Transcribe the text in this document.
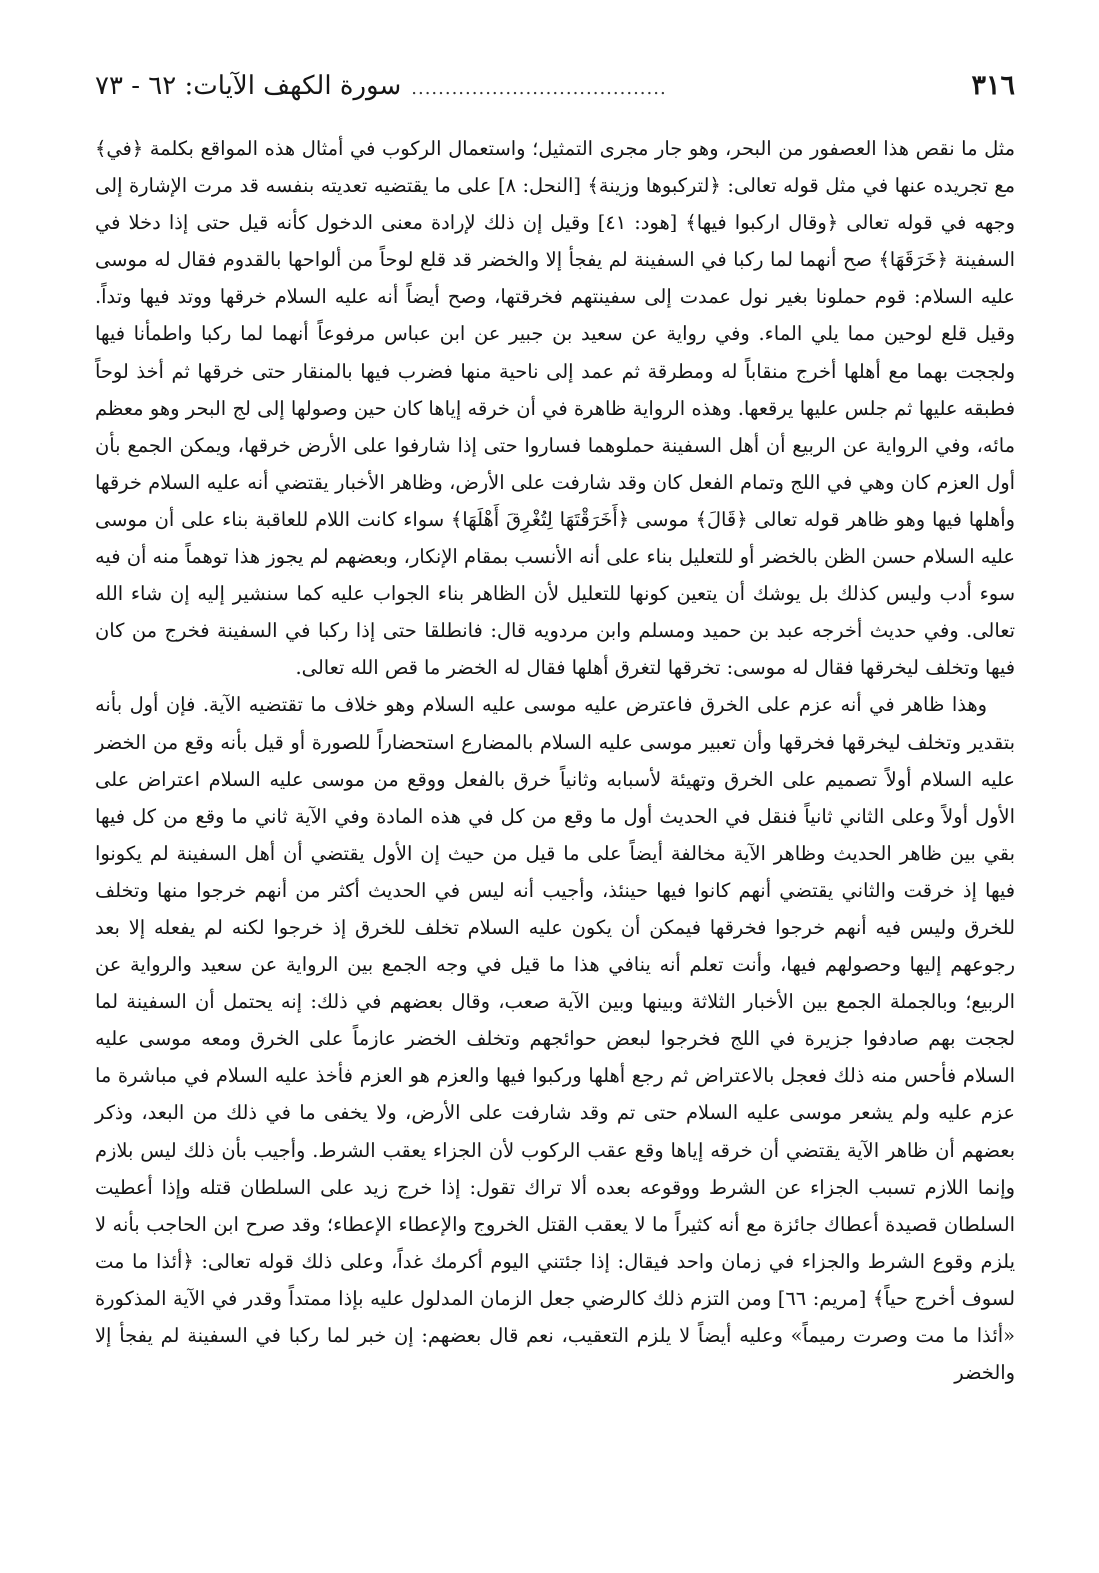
٣١٦
......................................
سورة الكهف الآيات: ٦٢ - ٧٣

مثل ما نقص هذا العصفور من البحر، وهو جار مجرى التمثيل؛ واستعمال الركوب في أمثال هذه المواقع بكلمة ﴿في﴾ مع تجريده عنها في مثل قوله تعالى: ﴿لتركبوها وزينة﴾ [النحل: ٨] على ما يقتضيه تعديته بنفسه قد مرت الإشارة إلى وجهه في قوله تعالى ﴿وقال اركبوا فيها﴾ [هود: ٤١] وقيل إن ذلك لإرادة معنى الدخول كأنه قيل حتى إذا دخلا في السفينة ﴿خَرَقَهَا﴾ صح أنهما لما ركبا في السفينة لم يفجأ إلا والخضر قد قلع لوحاً من ألواحها بالقدوم فقال له موسى عليه السلام: قوم حملونا بغير نول عمدت إلى سفينتهم فخرقتها، وصح أيضاً أنه عليه السلام خرقها ووتد فيها وتداً. وقيل قلع لوحين مما يلي الماء. وفي رواية عن سعيد بن جبير عن ابن عباس مرفوعاً أنهما لما ركبا واطمأنا فيها ولججت بهما مع أهلها أخرج منقاباً له ومطرقة ثم عمد إلى ناحية منها فضرب فيها بالمنقار حتى خرقها ثم أخذ لوحاً فطبقه عليها ثم جلس عليها يرقعها. وهذه الرواية ظاهرة في أن خرقه إياها كان حين وصولها إلى لج البحر وهو معظم مائه، وفي الرواية عن الربيع أن أهل السفينة حملوهما فساروا حتى إذا شارفوا على الأرض خرقها، ويمكن الجمع بأن أول العزم كان وهي في اللج وتمام الفعل كان وقد شارفت على الأرض، وظاهر الأخبار يقتضي أنه عليه السلام خرقها وأهلها فيها وهو ظاهر قوله تعالى ﴿قَالَ﴾ موسى ﴿أَخَرَقْتَهَا لِتُغْرِقَ أَهْلَهَا﴾ سواء كانت اللام للعاقبة بناء على أن موسى عليه السلام حسن الظن بالخضر أو للتعليل بناء على أنه الأنسب بمقام الإنكار، وبعضهم لم يجوز هذا توهماً منه أن فيه سوء أدب وليس كذلك بل يوشك أن يتعين كونها للتعليل لأن الظاهر بناء الجواب عليه كما سنشير إليه إن شاء الله تعالى. وفي حديث أخرجه عبد بن حميد ومسلم وابن مردويه قال: فانطلقا حتى إذا ركبا في السفينة فخرج من كان فيها وتخلف ليخرقها فقال له موسى: تخرقها لتغرق أهلها فقال له الخضر ما قص الله تعالى.

وهذا ظاهر في أنه عزم على الخرق فاعترض عليه موسى عليه السلام وهو خلاف ما تقتضيه الآية. فإن أول بأنه بتقدير وتخلف ليخرقها فخرقها وأن تعبير موسى عليه السلام بالمضارع استحضاراً للصورة أو قيل بأنه وقع من الخضر عليه السلام أولاً تصميم على الخرق وتهيئة لأسبابه وثانياً خرق بالفعل ووقع من موسى عليه السلام اعتراض على الأول أولاً وعلى الثاني ثانياً فنقل في الحديث أول ما وقع من كل في هذه المادة وفي الآية ثاني ما وقع من كل فيها بقي بين ظاهر الحديث وظاهر الآية مخالفة أيضاً على ما قيل من حيث إن الأول يقتضي أن أهل السفينة لم يكونوا فيها إذ خرقت والثاني يقتضي أنهم كانوا فيها حينئذ، وأجيب أنه ليس في الحديث أكثر من أنهم خرجوا منها وتخلف للخرق وليس فيه أنهم خرجوا فخرقها فيمكن أن يكون عليه السلام تخلف للخرق إذ خرجوا لكنه لم يفعله إلا بعد رجوعهم إليها وحصولهم فيها، وأنت تعلم أنه ينافي هذا ما قيل في وجه الجمع بين الرواية عن سعيد والرواية عن الربيع؛ وبالجملة الجمع بين الأخبار الثلاثة وبينها وبين الآية صعب، وقال بعضهم في ذلك: إنه يحتمل أن السفينة لما لججت بهم صادفوا جزيرة في اللج فخرجوا لبعض حوائجهم وتخلف الخضر عازماً على الخرق ومعه موسى عليه السلام فأحس منه ذلك فعجل بالاعتراض ثم رجع أهلها وركبوا فيها والعزم هو العزم فأخذ عليه السلام في مباشرة ما عزم عليه ولم يشعر موسى عليه السلام حتى تم وقد شارفت على الأرض، ولا يخفى ما في ذلك من البعد، وذكر بعضهم أن ظاهر الآية يقتضي أن خرقه إياها وقع عقب الركوب لأن الجزاء يعقب الشرط. وأجيب بأن ذلك ليس بلازم وإنما اللازم تسبب الجزاء عن الشرط ووقوعه بعده ألا تراك تقول: إذا خرج زيد على السلطان قتله وإذا أعطيت السلطان قصيدة أعطاك جائزة مع أنه كثيراً ما لا يعقب القتل الخروج والإعطاء الإعطاء؛ وقد صرح ابن الحاجب بأنه لا يلزم وقوع الشرط والجزاء في زمان واحد فيقال: إذا جئتني اليوم أكرمك غداً، وعلى ذلك قوله تعالى: ﴿أئذا ما مت لسوف أخرج حياً﴾ [مريم: ٦٦] ومن التزم ذلك كالرضي جعل الزمان المدلول عليه بإذا ممتداً وقدر في الآية المذكورة «أئذا ما مت وصرت رميماً» وعليه أيضاً لا يلزم التعقيب، نعم قال بعضهم: إن خبر لما ركبا في السفينة لم يفجأ إلا والخضر
